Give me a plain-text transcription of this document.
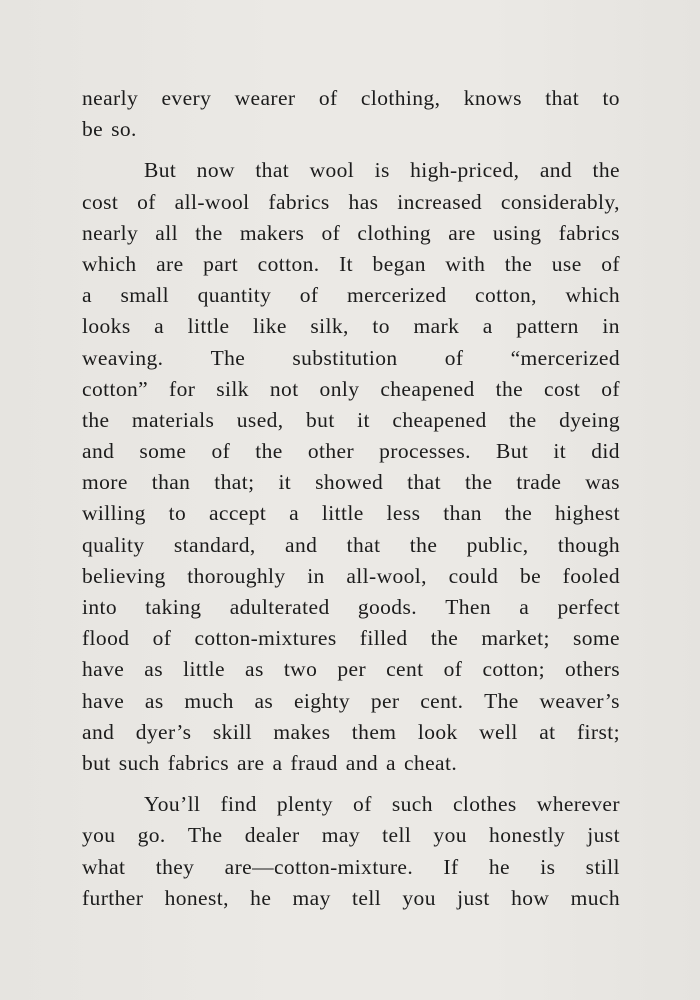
nearly every wearer of clothing, knows that to
be so.
But now that wool is high-priced, and the
cost of all-wool fabrics has increased considerably,
nearly all the makers of clothing are using fabrics
which are part cotton. It began with the use of
a small quantity of mercerized cotton, which
looks a little like silk, to mark a pattern in
weaving. The substitution of “mercerized
cotton” for silk not only cheapened the cost of
the materials used, but it cheapened the dyeing
and some of the other processes. But it did
more than that; it showed that the trade was
willing to accept a little less than the highest
quality standard, and that the public, though
believing thoroughly in all-wool, could be fooled
into taking adulterated goods. Then a perfect
flood of cotton-mixtures filled the market; some
have as little as two per cent of cotton; others
have as much as eighty per cent. The weaver’s
and dyer’s skill makes them look well at first;
but such fabrics are a fraud and a cheat.
You’ll find plenty of such clothes wherever
you go. The dealer may tell you honestly just
what they are—cotton-mixture. If he is still
further honest, he may tell you just how much
